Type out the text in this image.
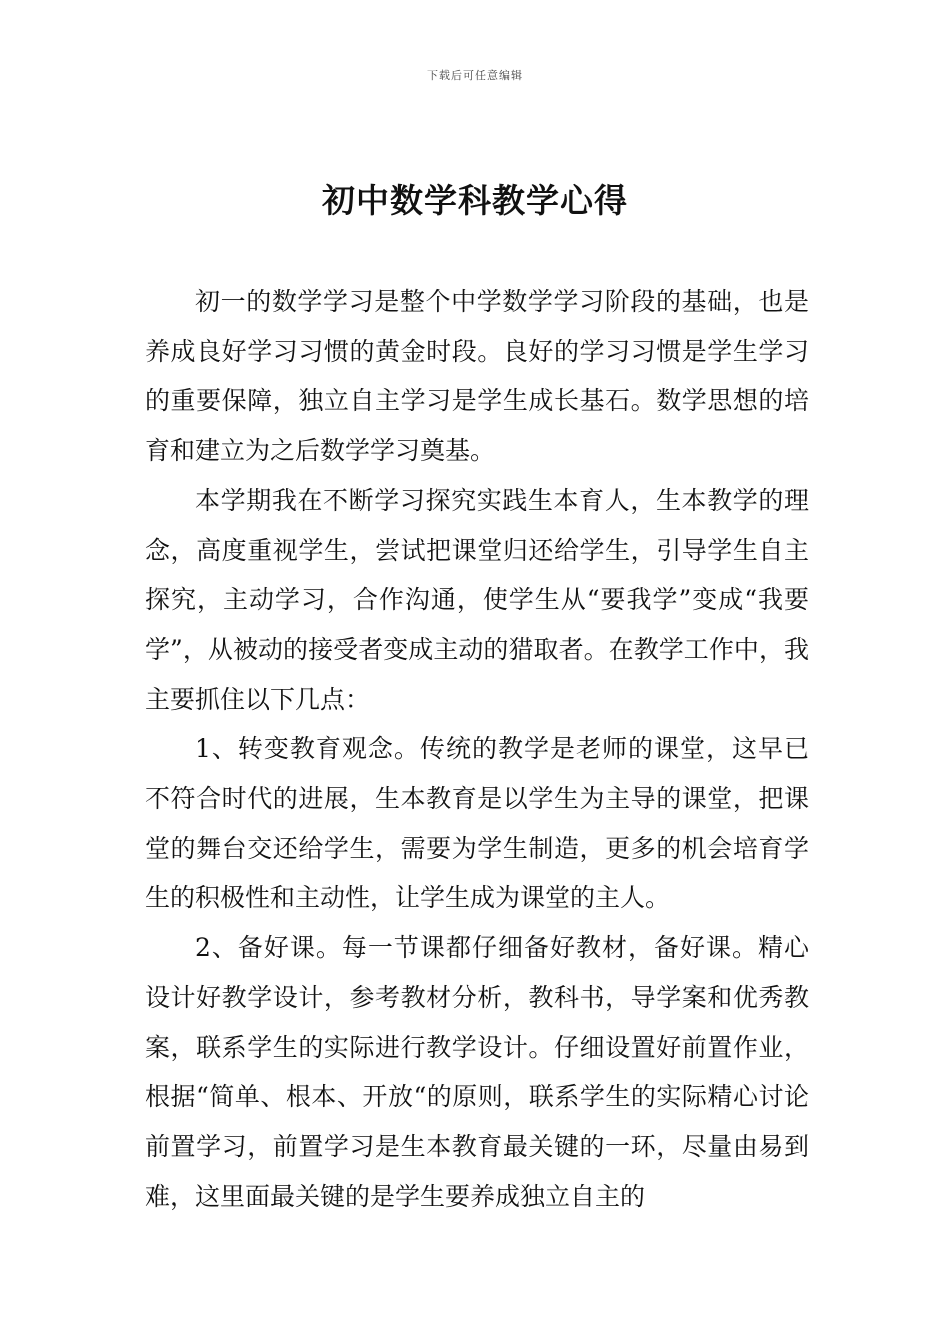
下载后可任意编辑
初中数学科教学心得

初一的数学学习是整个中学数学学习阶段的基础，也是养成良好学习习惯的黄金时段。良好的学习习惯是学生学习的重要保障，独立自主学习是学生成长基石。数学思想的培育和建立为之后数学学习奠基。

本学期我在不断学习探究实践生本育人，生本教学的理念，高度重视学生，尝试把课堂归还给学生，引导学生自主探究，主动学习，合作沟通，使学生从“要我学”变成“我要学”，从被动的接受者变成主动的猎取者。在教学工作中，我主要抓住以下几点：

1、转变教育观念。传统的教学是老师的课堂，这早已不符合时代的进展，生本教育是以学生为主导的课堂，把课堂的舞台交还给学生，需要为学生制造，更多的机会培育学生的积极性和主动性，让学生成为课堂的主人。

2、备好课。每一节课都仔细备好教材，备好课。精心设计好教学设计，参考教材分析，教科书，导学案和优秀教案，联系学生的实际进行教学设计。仔细设置好前置作业，根据“简单、根本、开放“的原则，联系学生的实际精心讨论前置学习，前置学习是生本教育最关键的一环，尽量由易到难，这里面最关键的是学生要养成独立自主的
